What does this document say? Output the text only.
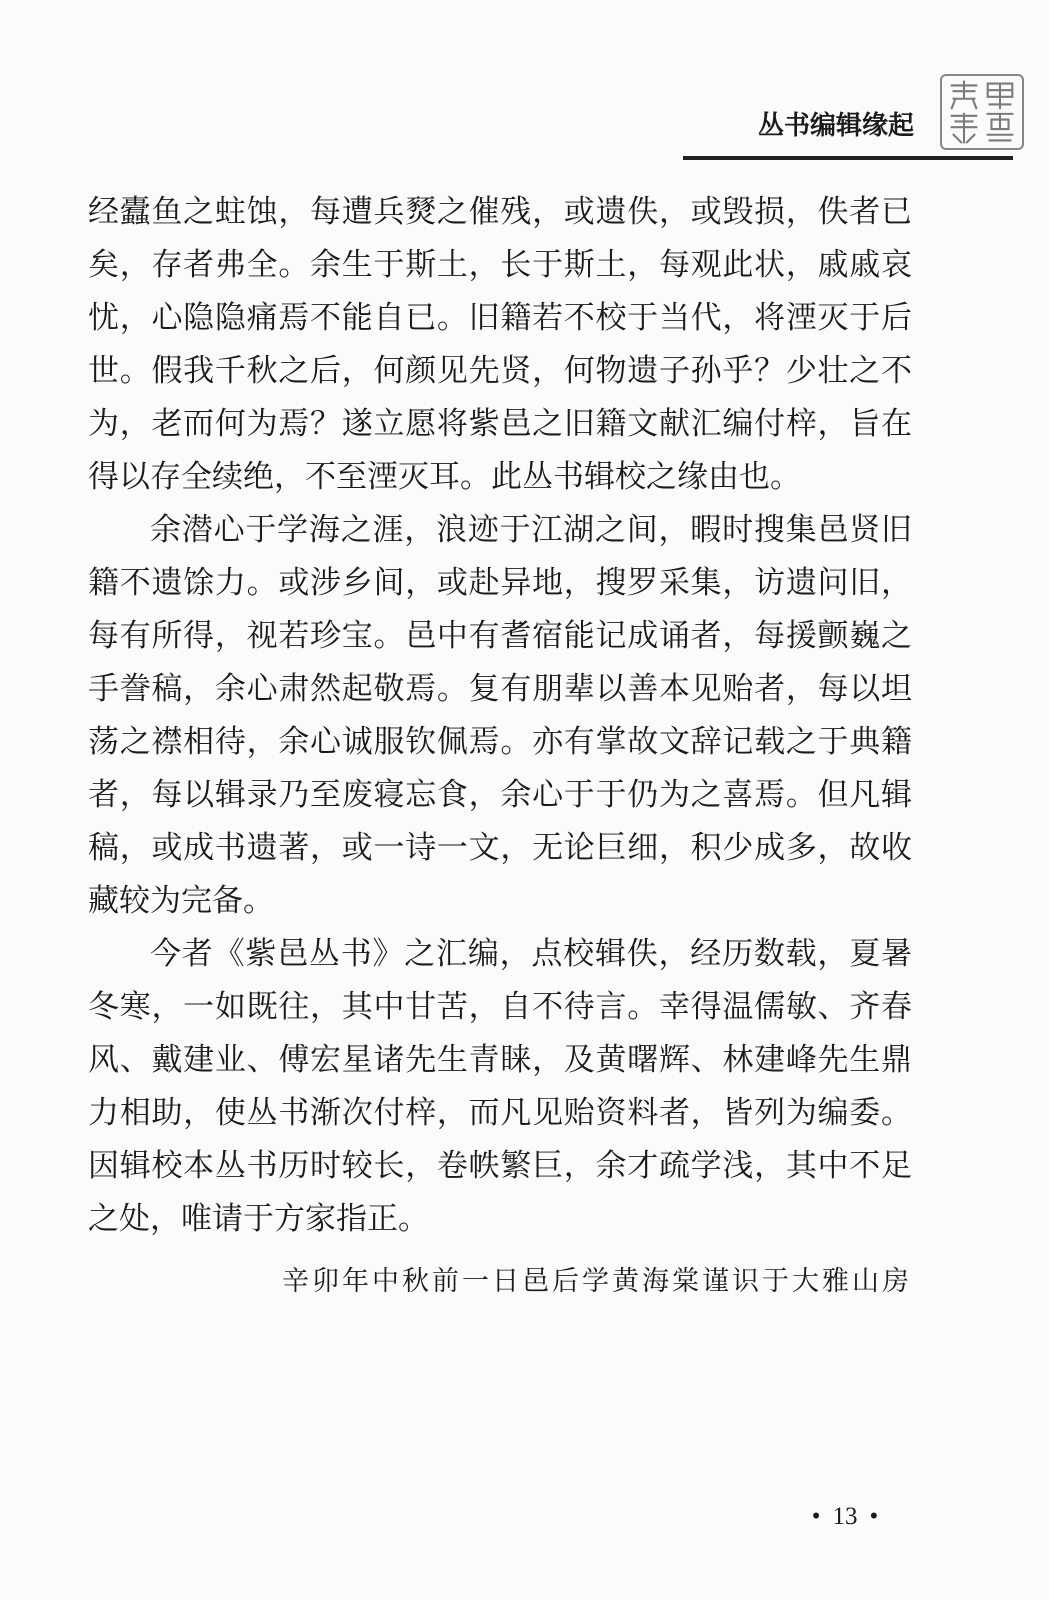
丛书编辑缘起

经蠹鱼之蛀蚀，每遭兵燹之催残，或遗佚，或毁损，佚者已矣，存者弗全。余生于斯土，长于斯土，每观此状，戚戚哀忧，心隐隐痛焉不能自已。旧籍若不校于当代，将湮灭于后世。假我千秋之后，何颜见先贤，何物遗子孙乎？少壮之不为，老而何为焉？遂立愿将紫邑之旧籍文献汇编付梓，旨在得以存全续绝，不至湮灭耳。此丛书辑校之缘由也。

余潜心于学海之涯，浪迹于江湖之间，暇时搜集邑贤旧籍不遗馀力。或涉乡间，或赴异地，搜罗采集，访遗问旧，每有所得，视若珍宝。邑中有耆宿能记成诵者，每援颤巍之手誊稿，余心肃然起敬焉。复有朋辈以善本见贻者，每以坦荡之襟相待，余心诚服钦佩焉。亦有掌故文辞记载之于典籍者，每以辑录乃至废寝忘食，余心于于仍为之喜焉。但凡辑稿，或成书遗著，或一诗一文，无论巨细，积少成多，故收藏较为完备。

今者《紫邑丛书》之汇编，点校辑佚，经历数载，夏暑冬寒，一如既往，其中甘苦，自不待言。幸得温儒敏、齐春风、戴建业、傅宏星诸先生青睐，及黄曙辉、林建峰先生鼎力相助，使丛书渐次付梓，而凡见贻资料者，皆列为编委。因辑校本丛书历时较长，卷帙繁巨，余才疏学浅，其中不足之处，唯请于方家指正。

辛卯年中秋前一日邑后学黄海棠谨识于大雅山房
• 13 •
